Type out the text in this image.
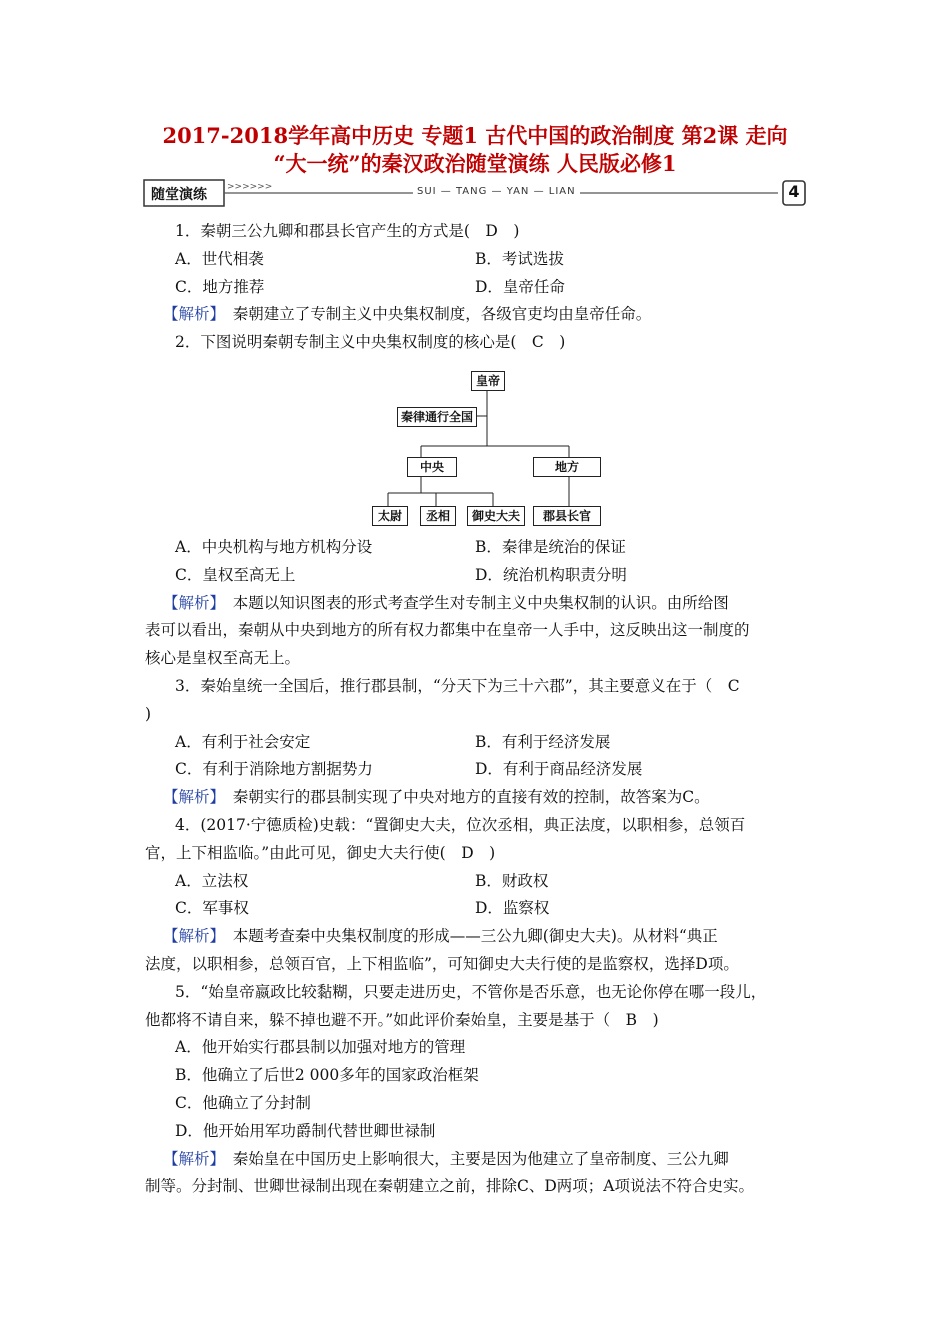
2017-2018学年高中历史 专题1 古代中国的政治制度 第2课 走向
“大一统”的秦汉政治随堂演练 人民版必修1
随堂演练 >>>>>>	SUI — TANG — YAN — LIAN	4
1．秦朝三公九卿和郡县长官产生的方式是(　D　)
A．世代相袭	B．考试选拔
C．地方推荐	D．皇帝任命
【解析】　秦朝建立了专制主义中央集权制度，各级官吏均由皇帝任命。
2．下图说明秦朝专制主义中央集权制度的核心是(　C　)
皇帝
秦律通行全国
中央	地方
太尉	丞相	御史大夫	郡县长官
A．中央机构与地方机构分设	B．秦律是统治的保证
C．皇权至高无上	D．统治机构职责分明
【解析】　本题以知识图表的形式考查学生对专制主义中央集权制的认识。由所给图
表可以看出，秦朝从中央到地方的所有权力都集中在皇帝一人手中，这反映出这一制度的
核心是皇权至高无上。
3．秦始皇统一全国后，推行郡县制，“分天下为三十六郡”，其主要意义在于（　C
)
A．有利于社会安定	B．有利于经济发展
C．有利于消除地方割据势力	D．有利于商品经济发展
【解析】　秦朝实行的郡县制实现了中央对地方的直接有效的控制，故答案为C。
4．(2017·宁德质检)史载：“置御史大夫，位次丞相，典正法度，以职相参，总领百
官，上下相监临。”由此可见，御史大夫行使(　D　)
A．立法权	B．财政权
C．军事权	D．监察权
【解析】　本题考查秦中央集权制度的形成——三公九卿(御史大夫)。从材料“典正
法度，以职相参，总领百官，上下相监临”，可知御史大夫行使的是监察权，选择D项。
5．“始皇帝嬴政比较黏糊，只要走进历史，不管你是否乐意，也无论你停在哪一段儿，
他都将不请自来，躲不掉也避不开。”如此评价秦始皇，主要是基于（　B　)
A．他开始实行郡县制以加强对地方的管理
B．他确立了后世2 000多年的国家政治框架
C．他确立了分封制
D．他开始用军功爵制代替世卿世禄制
【解析】　秦始皇在中国历史上影响很大，主要是因为他建立了皇帝制度、三公九卿
制等。分封制、世卿世禄制出现在秦朝建立之前，排除C、D两项；A项说法不符合史实。
